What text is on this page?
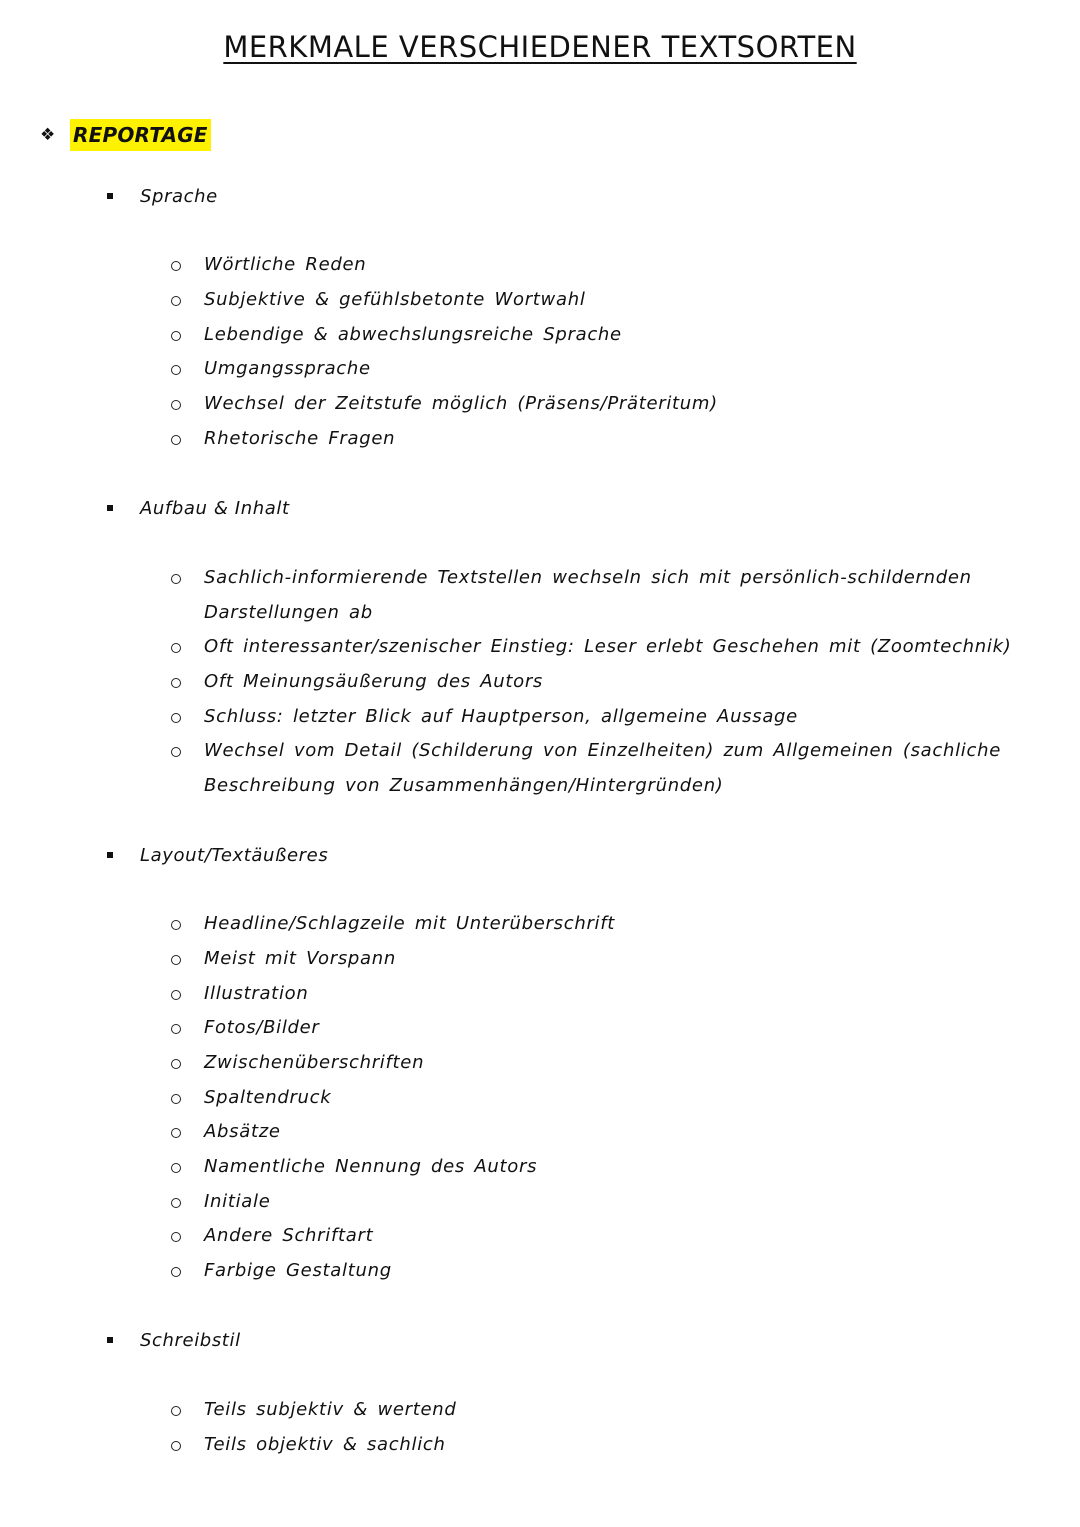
MERKMALE VERSCHIEDENER TEXTSORTEN
❖ REPORTAGE
Sprache
Wörtliche Reden
Subjektive & gefühlsbetonte Wortwahl
Lebendige & abwechslungsreiche Sprache
Umgangssprache
Wechsel der Zeitstufe möglich (Präsens/Präteritum)
Rhetorische Fragen
Aufbau & Inhalt
Sachlich-informierende Textstellen wechseln sich mit persönlich-schildernden Darstellungen ab
Oft interessanter/szenischer Einstieg: Leser erlebt Geschehen mit (Zoomtechnik)
Oft Meinungsäußerung des Autors
Schluss: letzter Blick auf Hauptperson, allgemeine Aussage
Wechsel vom Detail (Schilderung von Einzelheiten) zum Allgemeinen (sachliche Beschreibung von Zusammenhängen/Hintergründen)
Layout/Textäußeres
Headline/Schlagzeile mit Unterüberschrift
Meist mit Vorspann
Illustration
Fotos/Bilder
Zwischenüberschriften
Spaltendruck
Absätze
Namentliche Nennung des Autors
Initiale
Andere Schriftart
Farbige Gestaltung
Schreibstil
Teils subjektiv & wertend
Teils objektiv & sachlich
